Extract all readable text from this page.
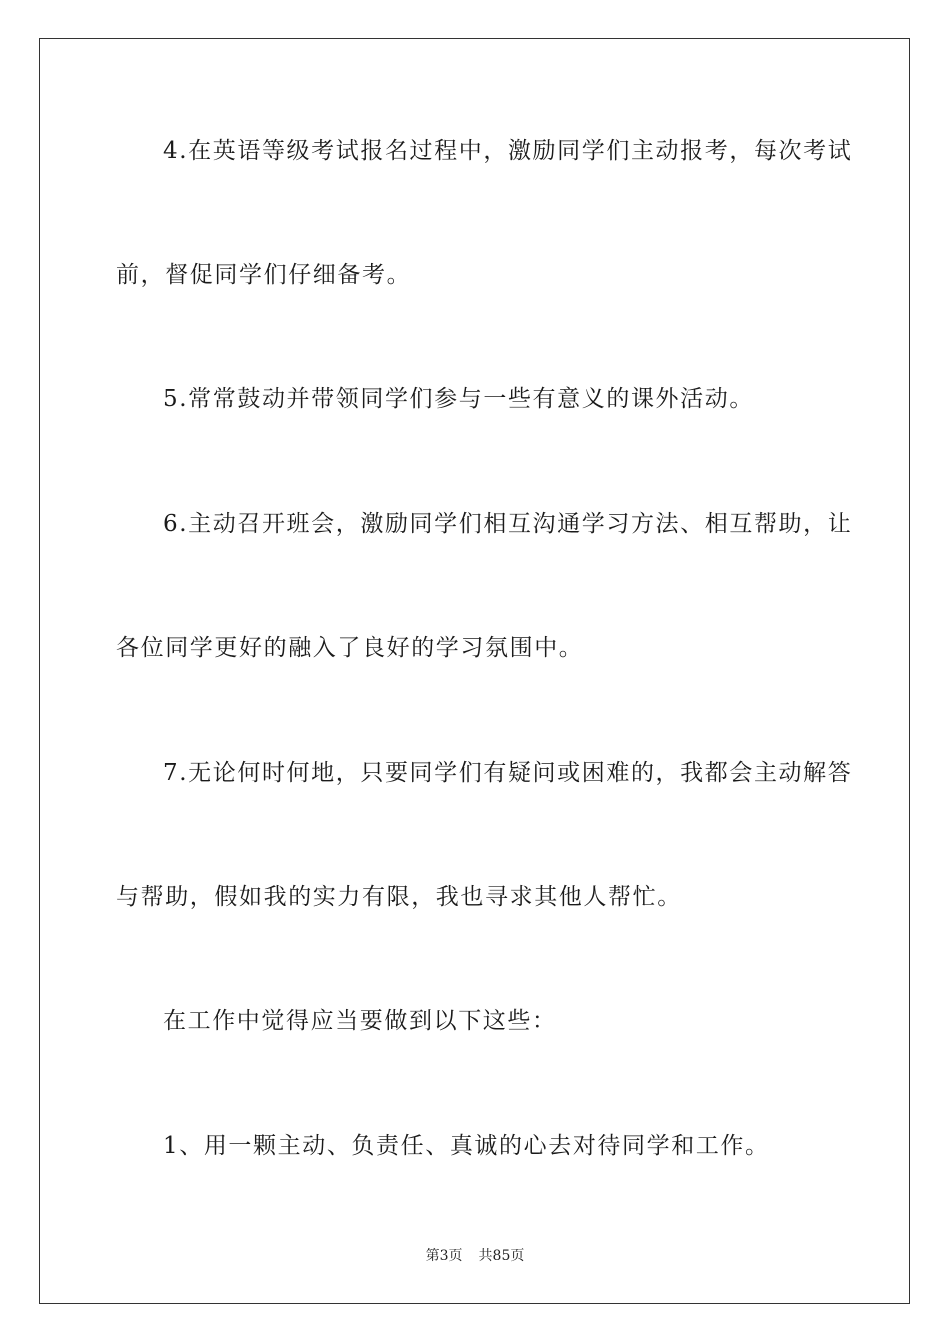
4.在英语等级考试报名过程中，激励同学们主动报考，每次考试
前，督促同学们仔细备考。
5.常常鼓动并带领同学们参与一些有意义的课外活动。
6.主动召开班会，激励同学们相互沟通学习方法、相互帮助，让
各位同学更好的融入了良好的学习氛围中。
7.无论何时何地，只要同学们有疑问或困难的，我都会主动解答
与帮助，假如我的实力有限，我也寻求其他人帮忙。
在工作中觉得应当要做到以下这些：
1、用一颗主动、负责任、真诚的心去对待同学和工作。
第3页 共85页
